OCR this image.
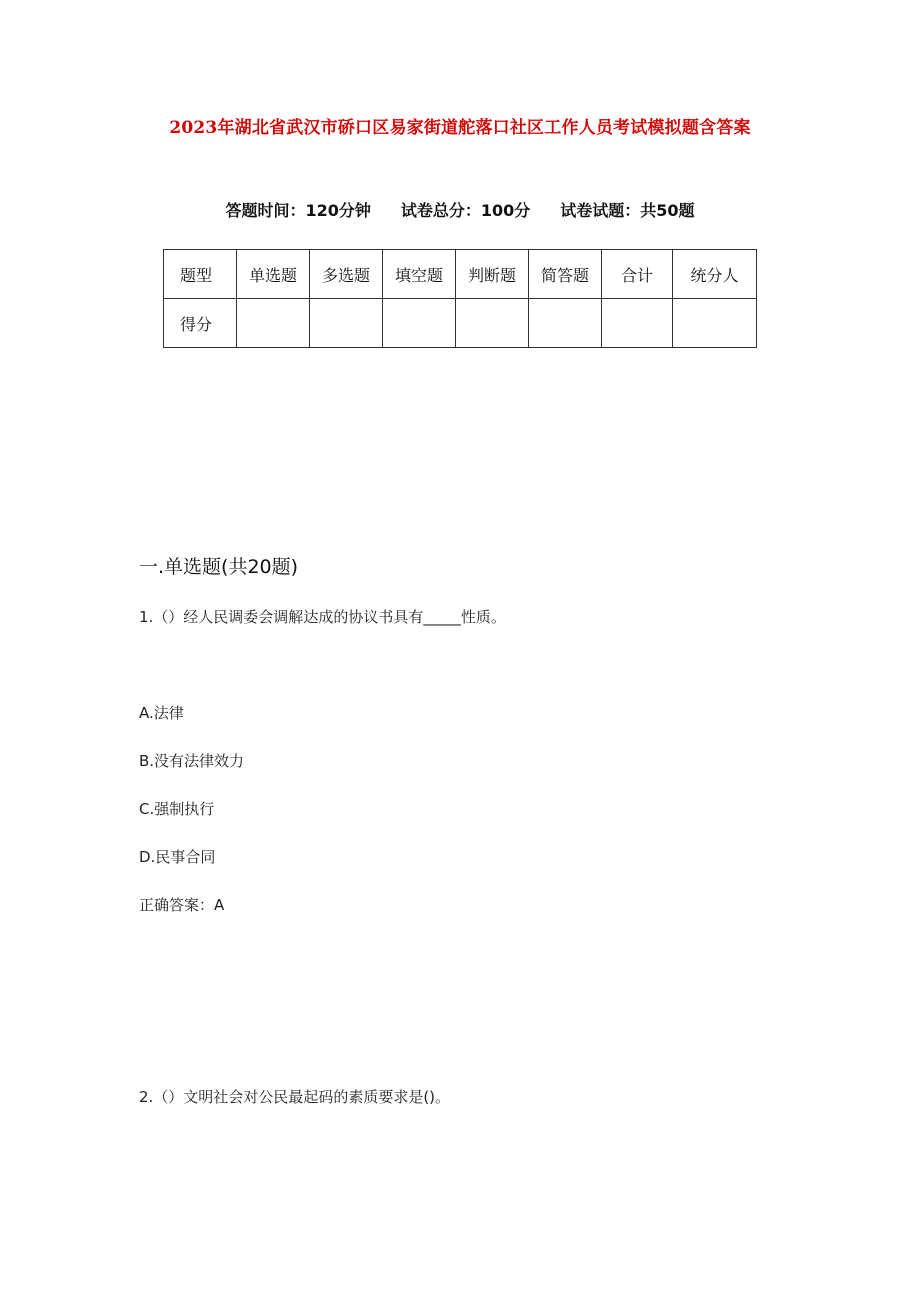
2023年湖北省武汉市硚口区易家街道舵落口社区工作人员考试模拟题含答案
答题时间：120分钟 试卷总分：100分 试卷试题：共50题
题型	单选题	多选题	填空题	判断题	简答题	合计	统分人
得分							
一.单选题(共20题)
1.（）经人民调委会调解达成的协议书具有_____性质。
A.法律
B.没有法律效力
C.强制执行
D.民事合同
正确答案：A
2.（）文明社会对公民最起码的素质要求是()。
